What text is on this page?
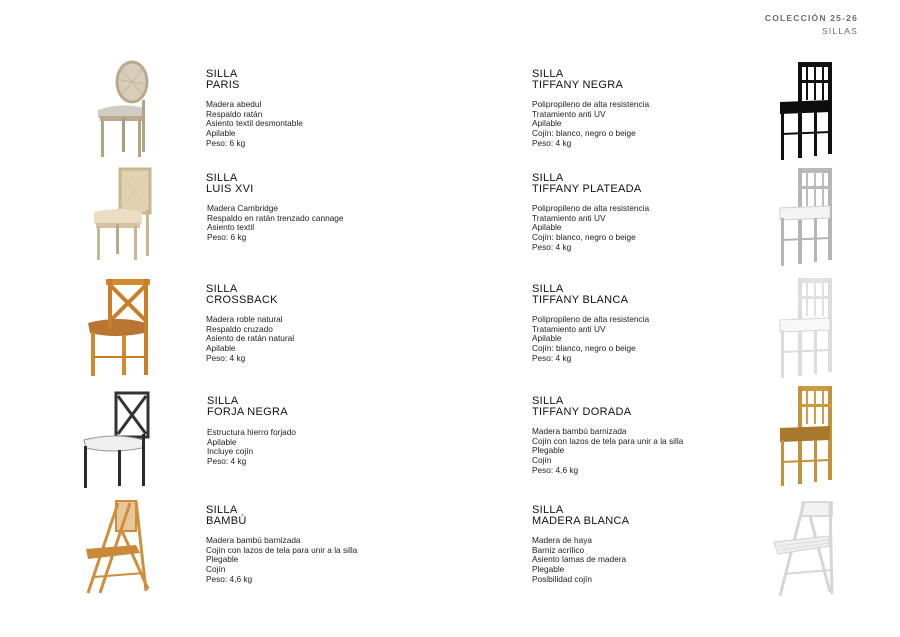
COLECCIÓN 25-26
SILLAS
SILLA
PARIS
Madera abedul
Respaldo ratán
Asiento textil desmontable
Apilable
Peso: 6 kg
SILLA
LUIS XVI
Madera Cambridge
Respaldo en ratán trenzado cannage
Asiento textil
Peso: 6 kg
SILLA
CROSSBACK
Madera roble natural
Respaldo cruzado
Asiento de ratán natural
Apilable
Peso: 4 kg
SILLA
FORJA NEGRA
Estructura hierro forjado
Apilable
Incluye cojín
Peso: 4 kg
SILLA
BAMBÚ
Madera bambú barnizada
Cojín con lazos de tela para unir a la silla
Plegable
Cojín
Peso: 4,6 kg
SILLA
TIFFANY NEGRA
Polipropileno de alta resistencia
Tratamiento anti UV
Apilable
Cojín: blanco, negro o beige
Peso: 4 kg
SILLA
TIFFANY PLATEADA
Polipropileno de alta resistencia
Tratamiento anti UV
Apilable
Cojín: blanco, negro o beige
Peso: 4 kg
SILLA
TIFFANY BLANCA
Polipropileno de alta resistencia
Tratamiento anti UV
Apilable
Cojín: blanco, negro o beige
Peso: 4 kg
SILLA
TIFFANY DORADA
Madera bambú barnizada
Cojín con lazos de tela para unir a la silla
Plegable
Cojín
Peso: 4,6 kg
SILLA
MADERA BLANCA
Madera de haya
Barniz acrílico
Asiento lamas de madera
Plegable
Posibilidad cojín
